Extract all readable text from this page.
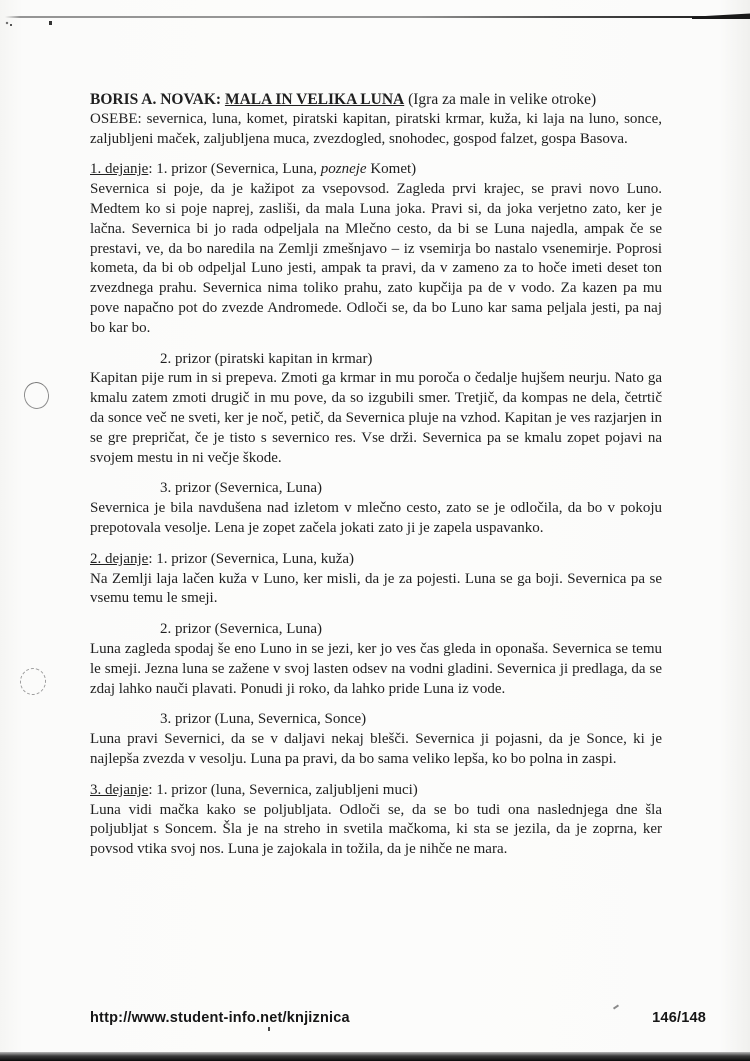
BORIS A. NOVAK: MALA IN VELIKA LUNA (Igra za male in velike otroke)

OSEBE: severnica, luna, komet, piratski kapitan, piratski krmar, kuža, ki laja na luno, sonce, zaljubljeni maček, zaljubljena muca, zvezdogled, snohodec, gospod falzet, gospa Basova.

1. dejanje: 1. prizor (Severnica, Luna, pozneje Komet)

Severnica si poje, da je kažipot za vsepovsod. Zagleda prvi krajec, se pravi novo Luno. Medtem ko si poje naprej, zasliši, da mala Luna joka. Pravi si, da joka verjetno zato, ker je lačna. Severnica bi jo rada odpeljala na Mlečno cesto, da bi se Luna najedla, ampak če se prestavi, ve, da bo naredila na Zemlji zmešnjavo – iz vsemirja bo nastalo vsenemirje. Poprosi kometa, da bi ob odpeljal Luno jesti, ampak ta pravi, da v zameno za to hoče imeti deset ton zvezdnega prahu. Severnica nima toliko prahu, zato kupčija pa de v vodo. Za kazen pa mu pove napačno pot do zvezde Andromede. Odloči se, da bo Luno kar sama peljala jesti, pa naj bo kar bo.

2. prizor (piratski kapitan in krmar)

Kapitan pije rum in si prepeva. Zmoti ga krmar in mu poroča o čedalje hujšem neurju. Nato ga kmalu zatem zmoti drugič in mu pove, da so izgubili smer. Tretjič, da kompas ne dela, četrtič da sonce več ne sveti, ker je noč, petič, da Severnica pluje na vzhod. Kapitan je ves razjarjen in se gre prepričat, če je tisto s severnico res. Vse drži. Severnica pa se kmalu zopet pojavi na svojem mestu in ni večje škode.

3. prizor (Severnica, Luna)

Severnica je bila navdušena nad izletom v mlečno cesto, zato se je odločila, da bo v pokoju prepotovala vesolje. Lena je zopet začela jokati zato ji je zapela uspavanko.

2. dejanje: 1. prizor (Severnica, Luna, kuža)

Na Zemlji laja lačen kuža v Luno, ker misli, da je za pojesti. Luna se ga boji. Severnica pa se vsemu temu le smeji.

2. prizor (Severnica, Luna)

Luna zagleda spodaj še eno Luno in se jezi, ker jo ves čas gleda in oponaša. Severnica se temu le smeji. Jezna luna se zažene v svoj lasten odsev na vodni gladini. Severnica ji predlaga, da se zdaj lahko nauči plavati. Ponudi ji roko, da lahko pride Luna iz vode.

3. prizor (Luna, Severnica, Sonce)

Luna pravi Severnici, da se v daljavi nekaj blešči. Severnica ji pojasni, da je Sonce, ki je najlepša zvezda v vesolju. Luna pa pravi, da bo sama veliko lepša, ko bo polna in zaspi.

3. dejanje: 1. prizor (luna, Severnica, zaljubljeni muci)

Luna vidi mačka kako se poljubljata. Odloči se, da se bo tudi ona naslednjega dne šla poljubljat s Soncem. Šla je na streho in svetila mačkoma, ki sta se jezila, da je zoprna, ker povsod vtika svoj nos. Luna je zajokala in tožila, da je nihče ne mara.

http://www.student-info.net/knjiznica	146/148
